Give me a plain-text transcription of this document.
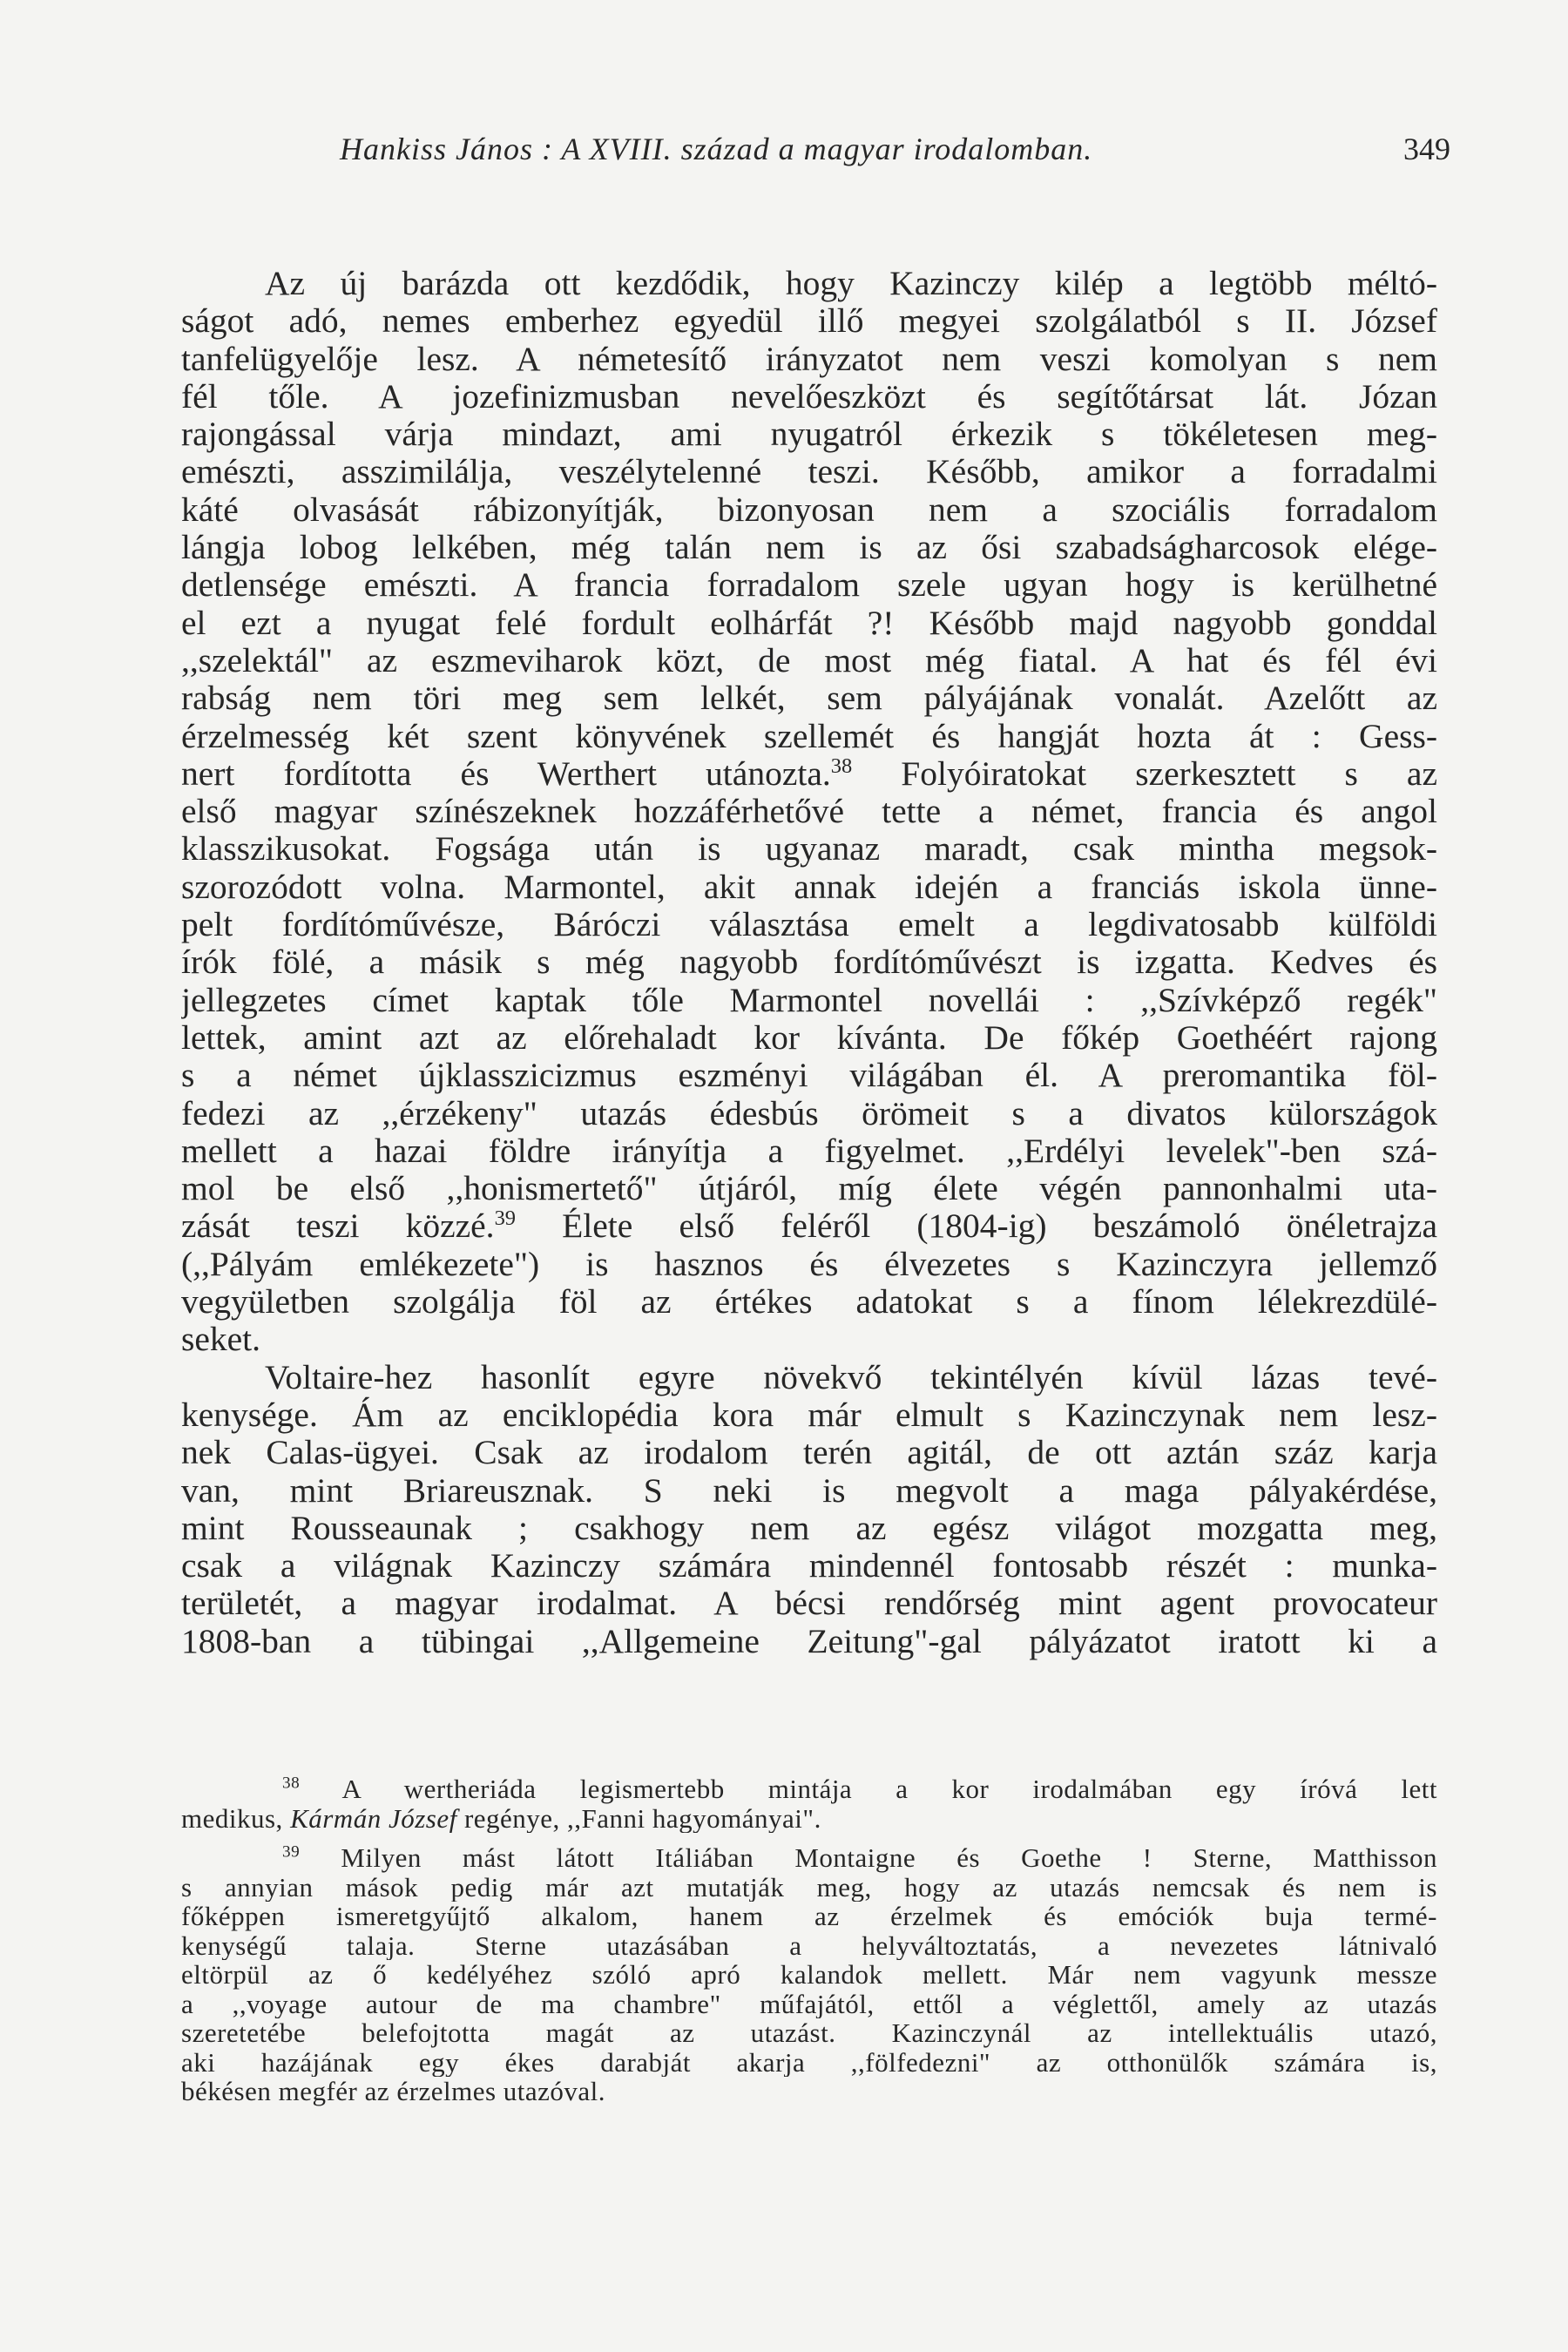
Hankiss János : A XVIII. század a magyar irodalomban.	349
Az új barázda ott kezdődik, hogy Kazinczy kilép a legtöbb méltó-
ságot adó, nemes emberhez egyedül illő megyei szolgálatból s II. József
tanfelügyelője lesz. A németesítő irányzatot nem veszi komolyan s nem
fél tőle. A jozefinizmusban nevelőeszközt és segítőtársat lát. Józan
rajongással várja mindazt, ami nyugatról érkezik s tökéletesen meg-
emészti, asszimilálja, veszélytelenné teszi. Később, amikor a forradalmi
káté olvasását rábizonyítják, bizonyosan nem a szociális forradalom
lángja lobog lelkében, még talán nem is az ősi szabadságharcosok elége-
detlensége emészti. A francia forradalom szele ugyan hogy is kerülhetné
el ezt a nyugat felé fordult eolhárfát ?! Később majd nagyobb gonddal
,,szelektál" az eszmeviharok közt, de most még fiatal. A hat és fél évi
rabság nem töri meg sem lelkét, sem pályájának vonalát. Azelőtt az
érzelmesség két szent könyvének szellemét és hangját hozta át : Gess-
nert fordította és Werthert utánozta.$^{38}$ Folyóiratokat szerkesztett s az
első magyar színészeknek hozzáférhetővé tette a német, francia és angol
klasszikusokat. Fogsága után is ugyanaz maradt, csak mintha megsok-
szorozódott volna. Marmontel, akit annak idején a franciás iskola ünne-
pelt fordítóművésze, Báróczi választása emelt a legdivatosabb külföldi
írók fölé, a másik s még nagyobb fordítóművészt is izgatta. Kedves és
jellegzetes címet kaptak tőle Marmontel novellái : ,,Szívképző regék"
lettek, amint azt az előrehaladt kor kívánta. De főkép Goethéért rajong
s a német újklasszicizmus eszményi világában él. A preromantika föl-
fedezi az ,,érzékeny" utazás édesbús örömeit s a divatos külországok
mellett a hazai földre irányítja a figyelmet. ,,Erdélyi levelek"-ben szá-
mol be első ,,honismertető" útjáról, míg élete végén pannonhalmi uta-
zását teszi közzé.$^{39}$ Élete első feléről (1804-ig) beszámoló önéletrajza
(,,Pályám emlékezete") is hasznos és élvezetes s Kazinczyra jellemző
vegyületben szolgálja föl az értékes adatokat s a fínom lélekrezdülé-
seket.
Voltaire-hez hasonlít egyre növekvő tekintélyén kívül lázas tevé-
kenysége. Ám az enciklopédia kora már elmult s Kazinczynak nem lesz-
nek Calas-ügyei. Csak az irodalom terén agitál, de ott aztán száz karja
van, mint Briareusznak. S neki is megvolt a maga pályakérdése,
mint Rousseaunak ; csakhogy nem az egész világot mozgatta meg,
csak a világnak Kazinczy számára mindennél fontosabb részét : munka-
területét, a magyar irodalmat. A bécsi rendőrség mint agent provocateur
1808-ban a tübingai ,,Allgemeine Zeitung"-gal pályázatot iratott ki a
$^{38}$ A wertheriáda legismertebb mintája a kor irodalmában egy íróvá lett
medikus, Kármán József regénye, ,,Fanni hagyományai".
$^{39}$ Milyen mást látott Itáliában Montaigne és Goethe ! Sterne, Matthisson
s annyian mások pedig már azt mutatják meg, hogy az utazás nemcsak és nem is
főképpen ismeretgyűjtő alkalom, hanem az érzelmek és emóciók buja termé-
kenységű talaja. Sterne utazásában a helyváltoztatás, a nevezetes látnivaló
eltörpül az ő kedélyéhez szóló apró kalandok mellett. Már nem vagyunk messze
a ,,voyage autour de ma chambre" műfajától, ettől a véglettől, amely az utazás
szeretetébe belefojtotta magát az utazást. Kazinczynál az intellektuális utazó,
aki hazájának egy ékes darabját akarja ,,fölfedezni" az otthonülők számára is,
békésen megfér az érzelmes utazóval.
